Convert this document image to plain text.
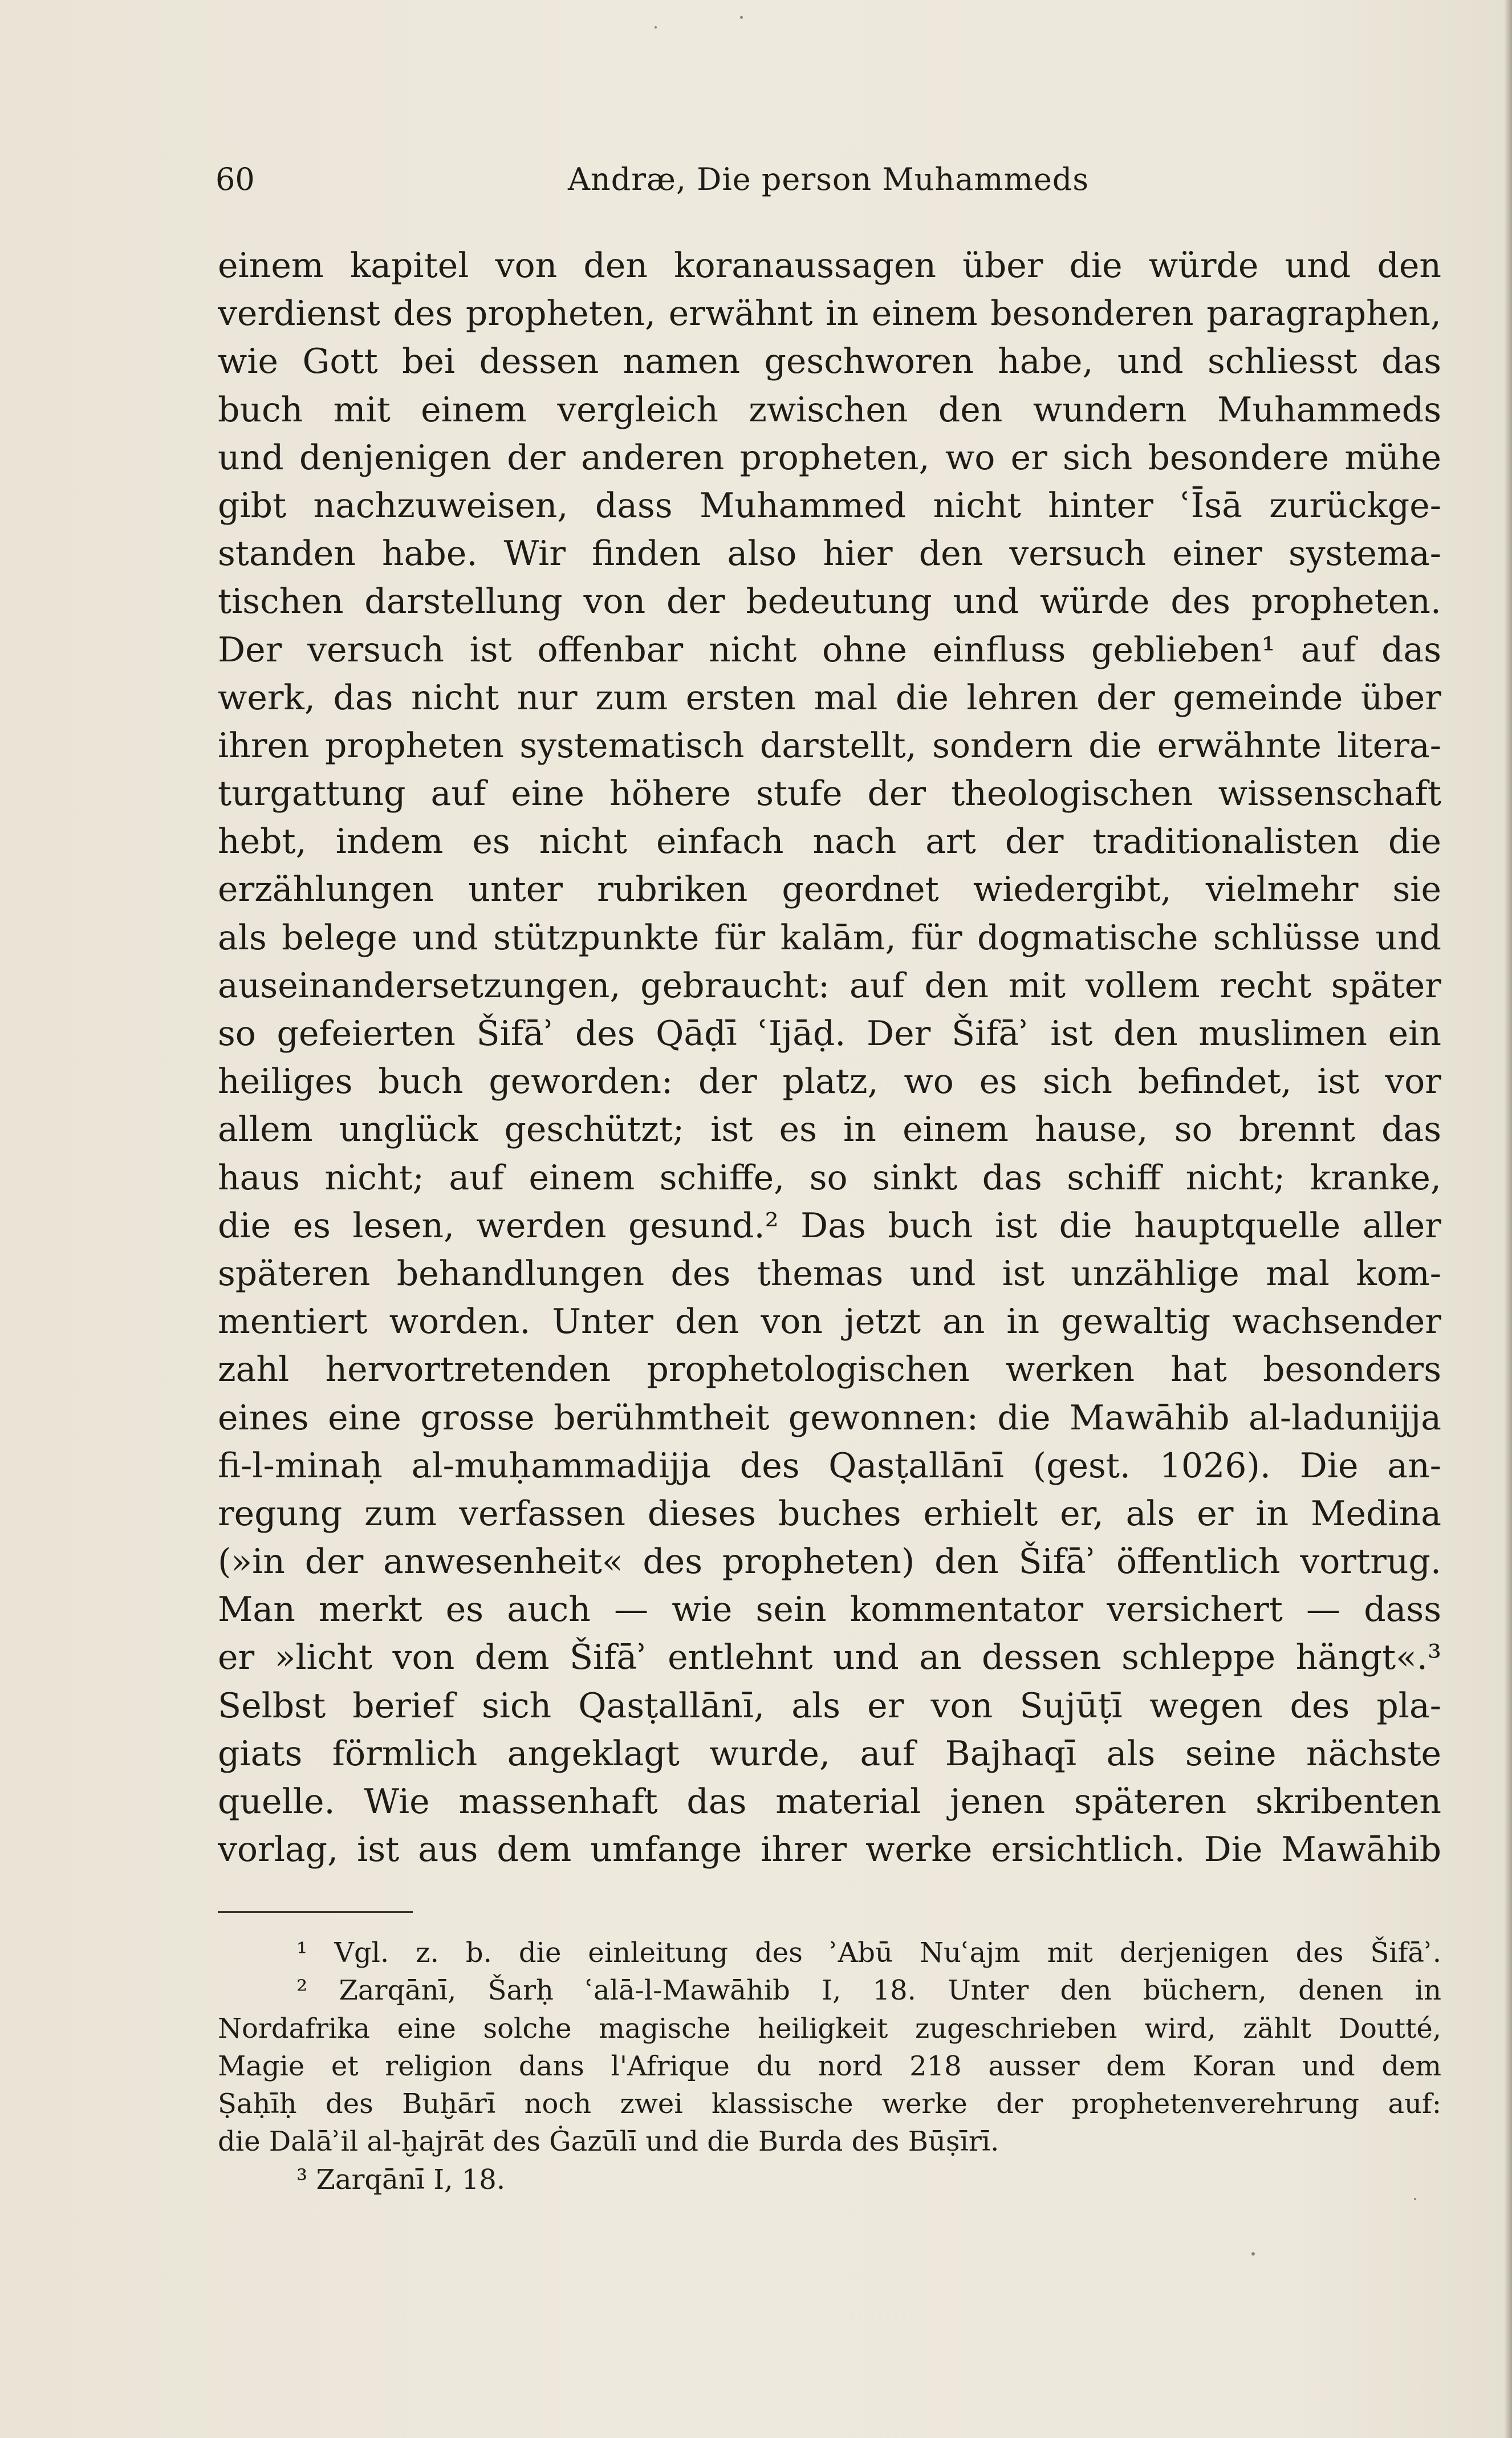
60	Andræ, Die person Muhammeds
einem kapitel von den koranaussagen über die würde und den
verdienst des propheten, erwähnt in einem besonderen paragraphen,
wie Gott bei dessen namen geschworen habe, und schliesst das
buch mit einem vergleich zwischen den wundern Muhammeds
und denjenigen der anderen propheten, wo er sich besondere mühe
gibt nachzuweisen, dass Muhammed nicht hinter ʿĪsā zurückge-
standen habe. Wir finden also hier den versuch einer systema-
tischen darstellung von der bedeutung und würde des propheten.
Der versuch ist offenbar nicht ohne einfluss geblieben¹ auf das
werk, das nicht nur zum ersten mal die lehren der gemeinde über
ihren propheten systematisch darstellt, sondern die erwähnte litera-
turgattung auf eine höhere stufe der theologischen wissenschaft
hebt, indem es nicht einfach nach art der traditionalisten die
erzählungen unter rubriken geordnet wiedergibt, vielmehr sie
als belege und stützpunkte für kalām, für dogmatische schlüsse und
auseinandersetzungen, gebraucht: auf den mit vollem recht später
so gefeierten Šifāʾ des Qāḍī ʿIjāḍ. Der Šifāʾ ist den muslimen ein
heiliges buch geworden: der platz, wo es sich befindet, ist vor
allem unglück geschützt; ist es in einem hause, so brennt das
haus nicht; auf einem schiffe, so sinkt das schiff nicht; kranke,
die es lesen, werden gesund.² Das buch ist die hauptquelle aller
späteren behandlungen des themas und ist unzählige mal kom-
mentiert worden. Unter den von jetzt an in gewaltig wachsender
zahl hervortretenden prophetologischen werken hat besonders
eines eine grosse berühmtheit gewonnen: die Mawāhib al-ladunijja
fi-l-minaḥ al-muḥammadijja des Qasṭallānī (gest. 1026). Die an-
regung zum verfassen dieses buches erhielt er, als er in Medina
(»in der anwesenheit« des propheten) den Šifāʾ öffentlich vortrug.
Man merkt es auch — wie sein kommentator versichert — dass
er »licht von dem Šifāʾ entlehnt und an dessen schleppe hängt«.³
Selbst berief sich Qasṭallānī, als er von Sujūṭī wegen des pla-
giats förmlich angeklagt wurde, auf Bajhaqī als seine nächste
quelle. Wie massenhaft das material jenen späteren skribenten
vorlag, ist aus dem umfange ihrer werke ersichtlich. Die Mawāhib
¹ Vgl. z. b. die einleitung des ʾAbū Nuʿajm mit derjenigen des Šifāʾ.
² Zarqānī, Šarḥ ʿalā-l-Mawāhib I, 18. Unter den büchern, denen in
Nordafrika eine solche magische heiligkeit zugeschrieben wird, zählt Doutté,
Magie et religion dans l'Afrique du nord 218 ausser dem Koran und dem
Ṣaḥīḥ des Buḫārī noch zwei klassische werke der prophetenverehrung auf:
die Dalāʾil al-ḫajrāt des Ġazūlī und die Burda des Būṣīrī.
³ Zarqānī I, 18.
